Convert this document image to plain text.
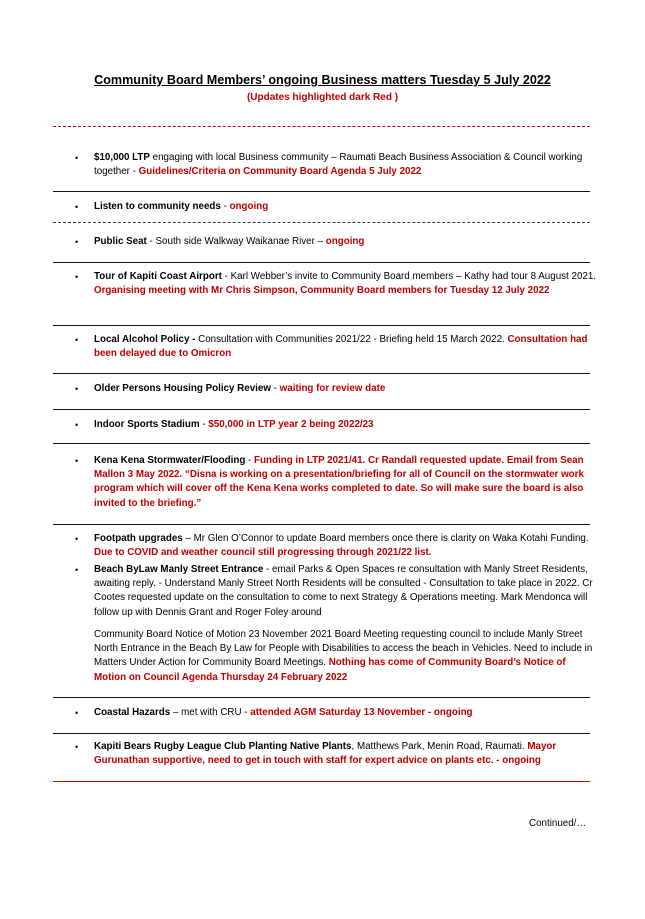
Community Board Members’ ongoing Business matters Tuesday 5 July 2022
(Updates highlighted dark Red )
• $10,000 LTP engaging with local Business community – Raumati Beach Business Association & Council working together - Guidelines/Criteria on Community Board Agenda 5 July 2022
• Listen to community needs - ongoing
• Public Seat - South side Walkway Waikanae River – ongoing
• Tour of Kapiti Coast Airport - Karl Webber’s invite to Community Board members – Kathy had tour 8 August 2021. Organising meeting with Mr Chris Simpson, Community Board members for Tuesday 12 July 2022
• Local Alcohol Policy - Consultation with Communities 2021/22 - Briefing held 15 March 2022. Consultation had been delayed due to Omicron
• Older Persons Housing Policy Review - waiting for review date
• Indoor Sports Stadium - $50,000 in LTP year 2 being 2022/23
• Kena Kena Stormwater/Flooding - Funding in LTP 2021/41. Cr Randall requested update. Email from Sean Mallon 3 May 2022. “Disna is working on a presentation/briefing for all of Council on the stormwater work program which will cover off the Kena Kena works completed to date. So will make sure the board is also invited to the briefing.”
• Footpath upgrades – Mr Glen O’Connor to update Board members once there is clarity on Waka Kotahi Funding. Due to COVID and weather council still progressing through 2021/22 list.
• Beach ByLaw Manly Street Entrance - email Parks & Open Spaces re consultation with Manly Street Residents, awaiting reply. - Understand Manly Street North Residents will be consulted - Consultation to take place in 2022. Cr Cootes requested update on the consultation to come to next Strategy & Operations meeting. Mark Mendonca will follow up with Dennis Grant and Roger Foley around
Community Board Notice of Motion 23 November 2021 Board Meeting requesting council to include Manly Street North Entrance in the Beach By Law for People with Disabilities to access the beach in Vehicles. Need to include in Matters Under Action for Community Board Meetings. Nothing has come of Community Board’s Notice of Motion on Council Agenda Thursday 24 February 2022
• Coastal Hazards – met with CRU - attended AGM Saturday 13 November - ongoing
• Kapiti Bears Rugby League Club Planting Native Plants, Matthews Park, Menin Road, Raumati. Mayor Gurunathan supportive, need to get in touch with staff for expert advice on plants etc. - ongoing
Continued/…
